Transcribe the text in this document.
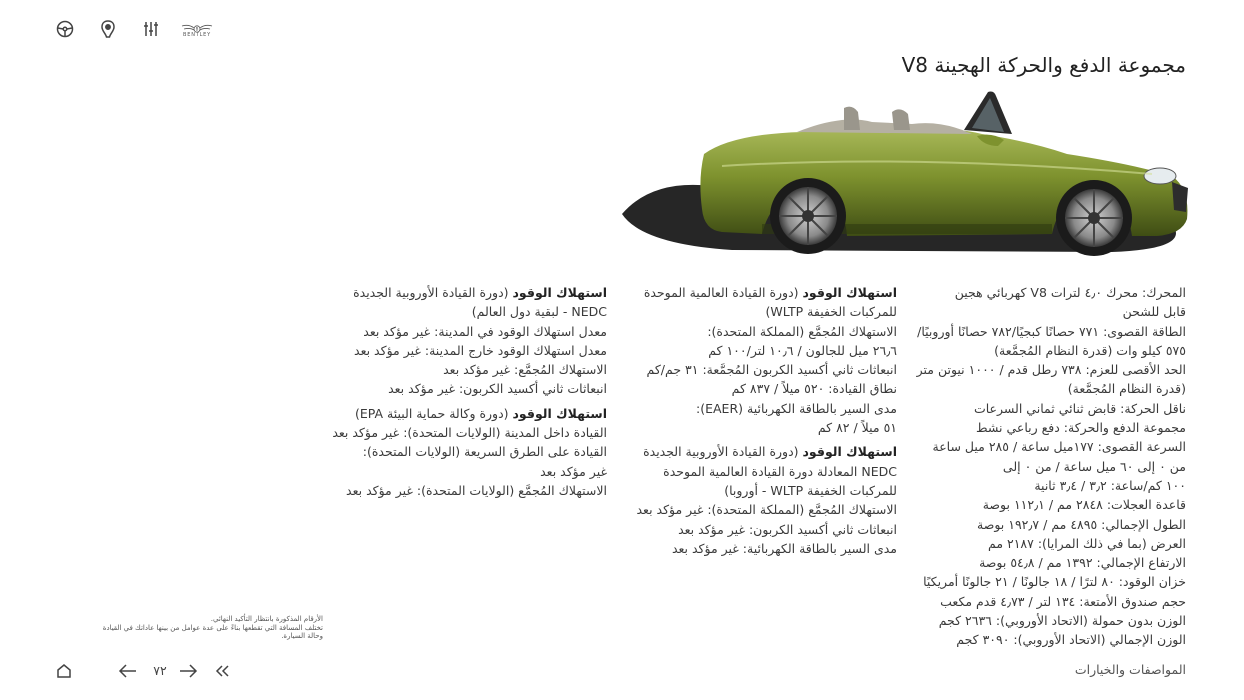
B
BENTLEY
مجموعة الدفع والحركة الهجينة V8
المحرك: محرك ٤٫٠ لترات V8 كهربائي هجين
قابل للشحن
الطاقة القصوى: ٧٧١ حصانًا كبجيًا/٧٨٢ حصانًا أوروبيًا/
٥٧٥ كيلو وات (قدرة النظام المُجمَّعة)
الحد الأقصى للعزم: ٧٣٨ رطل قدم / ١٠٠٠ نيوتن متر
(قدرة النظام المُجمَّعة)
ناقل الحركة: قابض ثنائي ثماني السرعات
مجموعة الدفع والحركة: دفع رباعي نشط
السرعة القصوى: ١٧٧ميل ساعة / ٢٨٥ ميل ساعة
من ٠ إلى ٦٠ ميل ساعة / من ٠ إلى
١٠٠ كم/ساعة: ٣٫٢ / ٣٫٤ ثانية
قاعدة العجلات: ٢٨٤٨ مم / ١١٢٫١ بوصة
الطول الإجمالي: ٤٨٩٥ مم / ١٩٢٫٧ بوصة
العرض (بما في ذلك المرايا): ٢١٨٧ مم
الارتفاع الإجمالي: ١٣٩٢ مم / ٥٤٫٨ بوصة
خزان الوقود: ٨٠ لترًا / ١٨ جالونًا / ٢١ جالونًا أمريكيًا
حجم صندوق الأمتعة: ١٣٤ لتر / ٤٫٧٣ قدم مكعب
الوزن بدون حمولة (الاتحاد الأوروبي): ٢٦٣٦ كجم
الوزن الإجمالي (الاتحاد الأوروبي): ٣٠٩٠ كجم
استهلاك الوقود (دورة القيادة العالمية الموحدة
للمركبات الخفيفة WLTP)
الاستهلاك المُجمَّع (المملكة المتحدة):
٢٦٫٦ ميل للجالون / ١٠٫٦ لتر/١٠٠ كم
انبعاثات ثاني أكسيد الكربون المُجمَّعة: ٣١ جم/كم
نطاق القيادة: ٥٢٠ ميلاً / ٨٣٧ كم
مدى السير بالطاقة الكهربائية (EAER):
٥١ ميلاً / ٨٢ كم
استهلاك الوقود (دورة القيادة الأوروبية الجديدة
NEDC المعادلة دورة القيادة العالمية الموحدة
للمركبات الخفيفة WLTP - أوروبا)
الاستهلاك المُجمَّع (المملكة المتحدة): غير مؤكد بعد
انبعاثات ثاني أكسيد الكربون: غير مؤكد بعد
مدى السير بالطاقة الكهربائية: غير مؤكد بعد
استهلاك الوقود (دورة القيادة الأوروبية الجديدة
NEDC - لبقية دول العالم)
معدل استهلاك الوقود في المدينة: غير مؤكد بعد
معدل استهلاك الوقود خارج المدينة: غير مؤكد بعد
الاستهلاك المُجمَّع: غير مؤكد بعد
انبعاثات ثاني أكسيد الكربون: غير مؤكد بعد
استهلاك الوقود (دورة وكالة حماية البيئة EPA)
القيادة داخل المدينة (الولايات المتحدة): غير مؤكد بعد
القيادة على الطرق السريعة (الولايات المتحدة):
غير مؤكد بعد
الاستهلاك المُجمَّع (الولايات المتحدة): غير مؤكد بعد
الأرقام المذكورة بانتظار التأكيد النهائي.
تختلف المسافة التي تقطعها بناءً على عدة عوامل من بينها عاداتك في القيادة
وحالة السيارة.
٧٢	المواصفات والخيارات
